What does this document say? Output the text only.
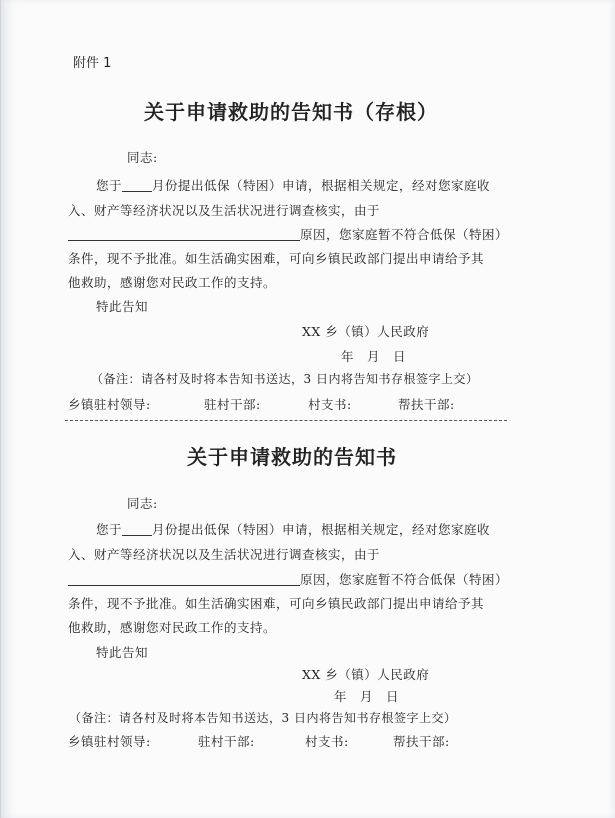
附件 1
关于申请救助的告知书（存根）
同志:
您于 月份提出低保（特困）申请，根据相关规定，经对您家庭收
入、财产等经济状况以及生活状况进行调查核实，由于
原因，您家庭暂不符合低保（特困）
条件，现不予批准。如生活确实困难，可向乡镇民政部门提出申请给予其
他救助，感谢您对民政工作的支持。
特此告知
XX 乡（镇）人民政府
年　月　日
（备注：请各村及时将本告知书送达，3 日内将告知书存根签字上交）
乡镇驻村领导:	驻村干部:	村支书:	帮扶干部:
关于申请救助的告知书
同志:
您于 月份提出低保（特困）申请，根据相关规定，经对您家庭收
入、财产等经济状况以及生活状况进行调查核实，由于
原因，您家庭暂不符合低保（特困）
条件，现不予批准。如生活确实困难，可向乡镇民政部门提出申请给予其
他救助，感谢您对民政工作的支持。
特此告知
XX 乡（镇）人民政府
年　月　日
（备注：请各村及时将本告知书送达，3 日内将告知书存根签字上交）
乡镇驻村领导:	驻村干部:	村支书:	帮扶干部:
